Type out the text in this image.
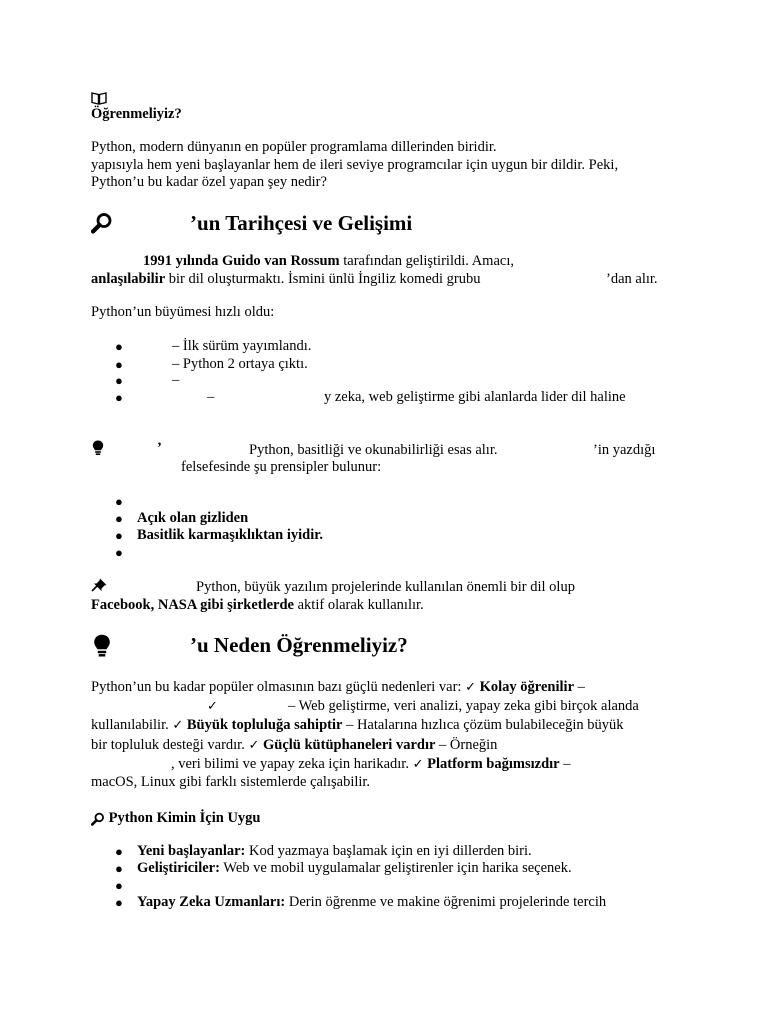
Öğrenmeliyiz?
Python, modern dünyanın en popüler programlama dillerinden biridir.
yapısıyla hem yeni başlayanlar hem de ileri seviye programcılar için uygun bir dildir. Peki,
Python’u bu kadar özel yapan şey nedir?
’un Tarihçesi ve Gelişimi
1991 yılında Guido van Rossum tarafından geliştirildi. Amacı,
anlaşılabilir bir dil oluşturmaktı. İsmini ünlü İngiliz komedi grubu	’dan alır.
Python’un büyümesi hızlı oldu:
●	– İlk sürüm yayımlandı.
●	– Python 2 ortaya çıktı.
●	–
●	–	y zeka, web geliştirme gibi alanlarda lider dil haline
’	Python, basitliği ve okunabilirliği esas alır.	’in yazdığı
felsefesinde şu prensipler bulunur:
●
● Açık olan gizliden
● Basitlik karmaşıklıktan iyidir.
●
Python, büyük yazılım projelerinde kullanılan önemli bir dil olup
Facebook, NASA gibi şirketlerde aktif olarak kullanılır.
’u Neden Öğrenmeliyiz?
Python’un bu kadar popüler olmasının bazı güçlü nedenleri var: ✓ Kolay öğrenilir –
✓	– Web geliştirme, veri analizi, yapay zeka gibi birçok alanda
kullanılabilir. ✓ Büyük topluluğa sahiptir – Hatalarına hızlıca çözüm bulabileceğin büyük
bir topluluk desteği vardır. ✓ Güçlü kütüphaneleri vardır – Örneğin
, veri bilimi ve yapay zeka için harikadır. ✓ Platform bağımsızdır –
macOS, Linux gibi farklı sistemlerde çalışabilir.
Python Kimin İçin Uygu
● Yeni başlayanlar: Kod yazmaya başlamak için en iyi dillerden biri.
● Geliştiriciler: Web ve mobil uygulamalar geliştirenler için harika seçenek.
●
● Yapay Zeka Uzmanları: Derin öğrenme ve makine öğrenimi projelerinde tercih
